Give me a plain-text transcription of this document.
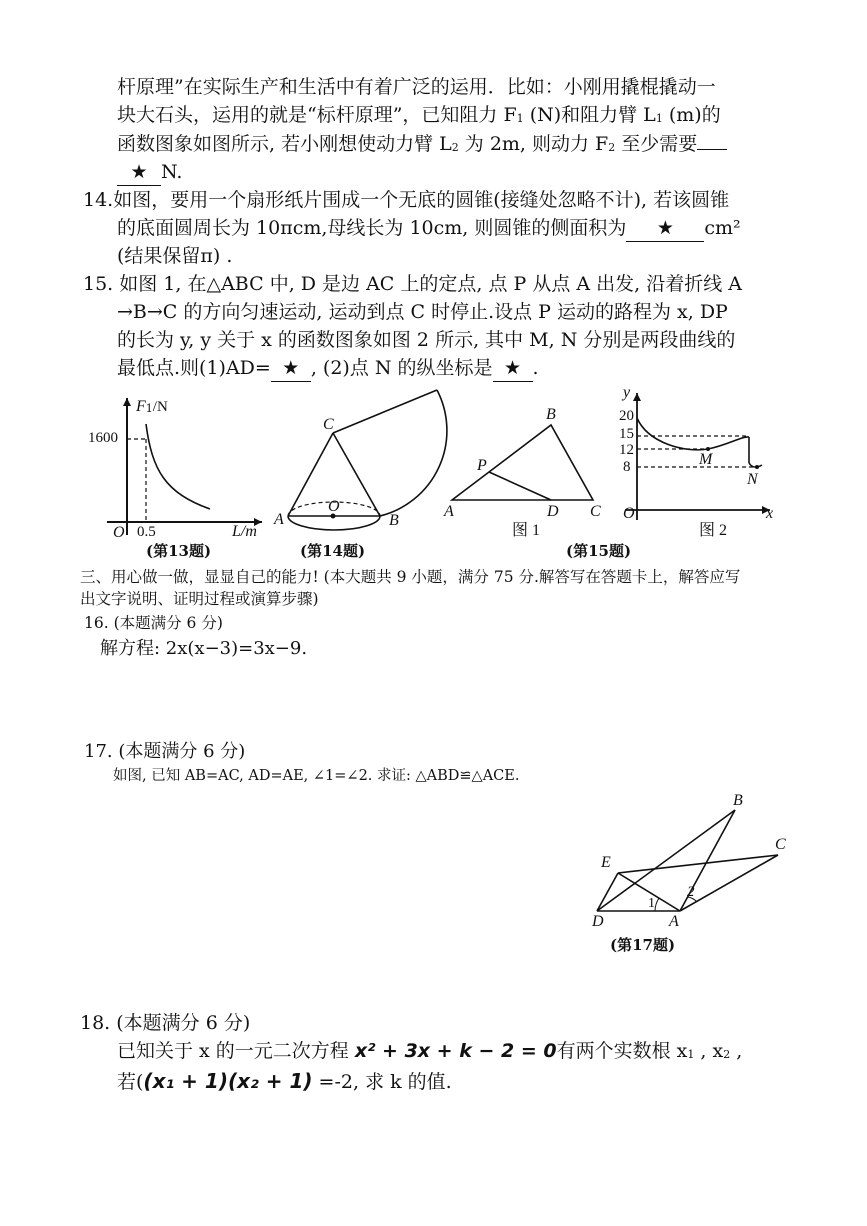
杆原理”在实际生产和生活中有着广泛的运用．比如：小刚用撬棍撬动一
块大石头，运用的就是“标杆原理”，已知阻力 F1 (N)和阻力臂 L1 (m)的
函数图象如图所示, 若小刚想使动力臂 L2 为 2m, 则动力 F2 至少需要
★ N.
14.如图，要用一个扇形纸片围成一个无底的圆锥(接缝处忽略不计), 若该圆锥
的底面圆周长为 10πcm,母线长为 10cm, 则圆锥的侧面积为 ★ cm²
(结果保留π) .
15. 如图 1, 在△ABC 中, D 是边 AC 上的定点, 点 P 从点 A 出发, 沿着折线 A
→B→C 的方向匀速运动, 运动到点 C 时停止.设点 P 运动的路程为 x, DP
的长为 y, y 关于 x 的函数图象如图 2 所示, 其中 M, N 分别是两段曲线的
最低点.则(1)AD= ★ , (2)点 N 的纵坐标是 ★ .
F1/N
1600
O 0.5	L/m
(第13题)
C
A
O
B
(第14题)
B
P
A	D C
图 1
y
20
15
12
8	M
N
O	x
图 2
(第15题)
三、用心做一做，显显自己的能力! (本大题共 9 小题，满分 75 分.解答写在答题卡上，解答应写
出文字说明、证明过程或演算步骤)
16. (本题满分 6 分)
解方程: 2x(x−3)=3x−9.
17. (本题满分 6 分)
如图, 已知 AB=AC, AD=AE, ∠1=∠2. 求证: △ABD≌△ACE.
B
C
E
D	A
1
2
(第17题)
18. (本题满分 6 分)
已知关于 x 的一元二次方程 x² + 3x + k − 2 = 0有两个实数根 x1 , x2 ,
若((x₁ + 1)(x₂ + 1) =-2, 求 k 的值.
